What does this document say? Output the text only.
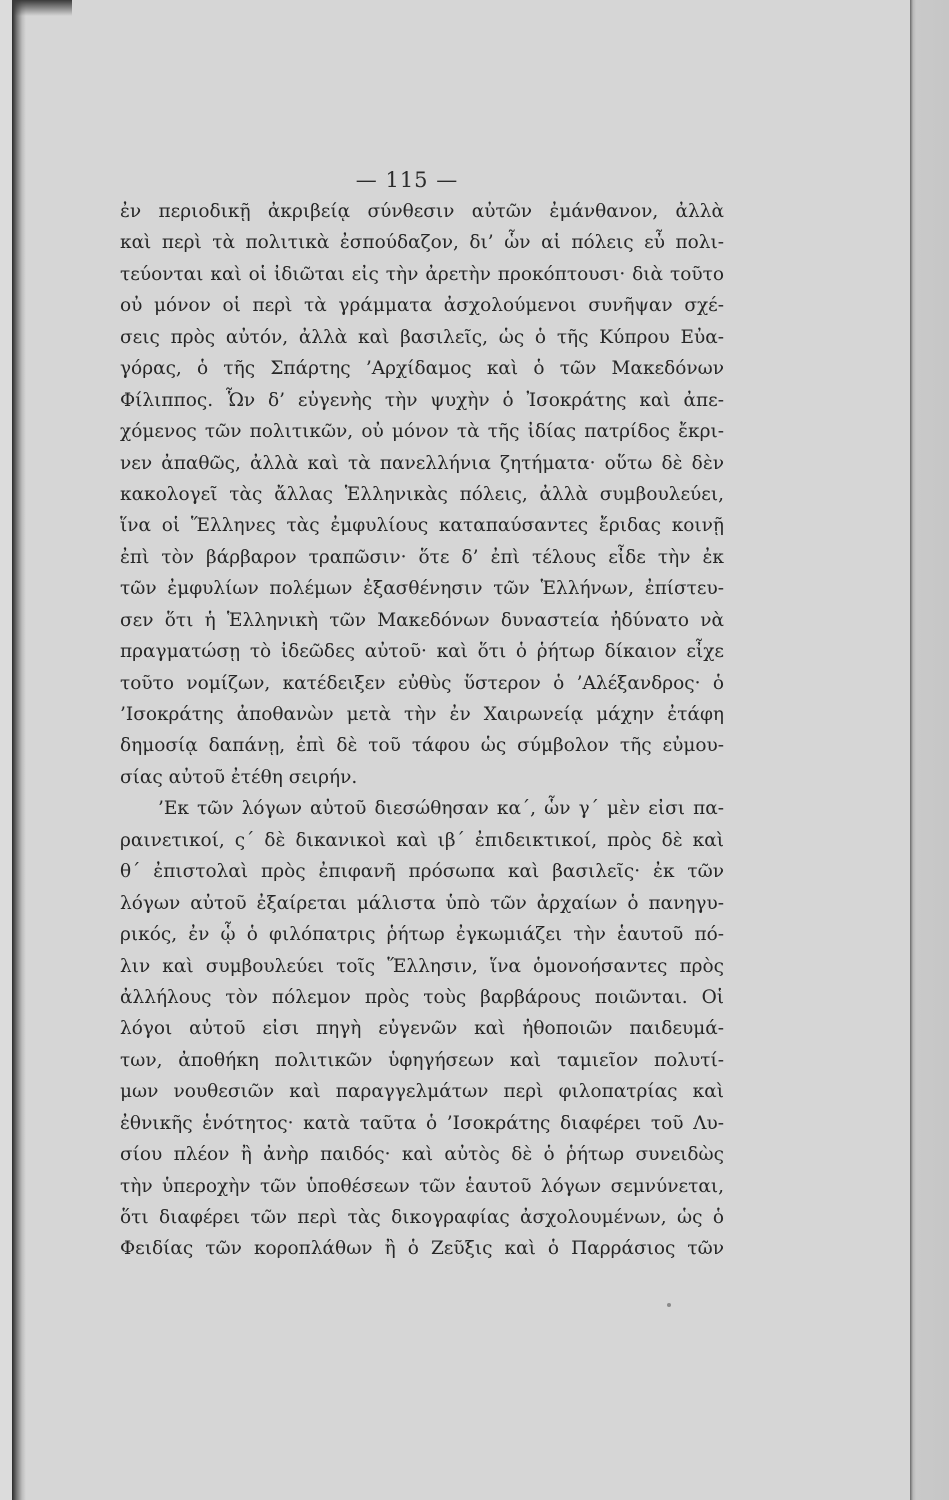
— 115 —
ἐν περιοδικῇ ἀκριβείᾳ σύνθεσιν αὐτῶν ἐμάνθανον, ἀλλὰ
καὶ περὶ τὰ πολιτικὰ ἐσπούδαζον, δι’ ὧν αἱ πόλεις εὖ πολι-
τεύονται καὶ οἱ ἰδιῶται εἰς τὴν ἀρετὴν προκόπτουσι· διὰ τοῦτο
οὐ μόνον οἱ περὶ τὰ γράμματα ἀσχολούμενοι συνῆψαν σχέ-
σεις πρὸς αὐτόν, ἀλλὰ καὶ βασιλεῖς, ὡς ὁ τῆς Κύπρου Εὐα-
γόρας, ὁ τῆς Σπάρτης ’Αρχίδαμος καὶ ὁ τῶν Μακεδόνων
Φίλιππος. Ὧν δ’ εὐγενὴς τὴν ψυχὴν ὁ Ἰσοκράτης καὶ ἀπε-
χόμενος τῶν πολιτικῶν, οὐ μόνον τὰ τῆς ἰδίας πατρίδος ἔκρι-
νεν ἀπαθῶς, ἀλλὰ καὶ τὰ πανελλήνια ζητήματα· οὕτω δὲ δὲν
κακολογεῖ τὰς ἄλλας Ἑλληνικὰς πόλεις, ἀλλὰ συμβουλεύει,
ἵνα οἱ Ἕλληνες τὰς ἐμφυλίους καταπαύσαντες ἔριδας κοινῇ
ἐπὶ τὸν βάρβαρον τραπῶσιν· ὅτε δ’ ἐπὶ τέλους εἶδε τὴν ἐκ
τῶν ἐμφυλίων πολέμων ἐξασθένησιν τῶν Ἑλλήνων, ἐπίστευ-
σεν ὅτι ἡ Ἑλληνικὴ τῶν Μακεδόνων δυναστεία ἠδύνατο νὰ
πραγματώσῃ τὸ ἰδεῶδες αὐτοῦ· καὶ ὅτι ὁ ῥήτωρ δίκαιον εἶχε
τοῦτο νομίζων, κατέδειξεν εὐθὺς ὕστερον ὁ ’Αλέξανδρος· ὁ
’Ισοκράτης ἀποθανὼν μετὰ τὴν ἐν Χαιρωνείᾳ μάχην ἐτάφη
δημοσίᾳ δαπάνῃ, ἐπὶ δὲ τοῦ τάφου ὡς σύμβολον τῆς εὐμου-
σίας αὐτοῦ ἐτέθη σειρήν.
’Εκ τῶν λόγων αὐτοῦ διεσώθησαν κα΄, ὧν γ΄ μὲν εἰσι πα-
ραινετικοί, ς΄ δὲ δικανικοὶ καὶ ιβ΄ ἐπιδεικτικοί, πρὸς δὲ καὶ
θ΄ ἐπιστολαὶ πρὸς ἐπιφανῆ πρόσωπα καὶ βασιλεῖς· ἐκ τῶν
λόγων αὐτοῦ ἐξαίρεται μάλιστα ὑπὸ τῶν ἀρχαίων ὁ πανηγυ-
ρικός, ἐν ᾧ ὁ φιλόπατρις ῥήτωρ ἐγκωμιάζει τὴν ἑαυτοῦ πό-
λιν καὶ συμβουλεύει τοῖς Ἕλλησιν, ἵνα ὁμονοήσαντες πρὸς
ἀλλήλους τὸν πόλεμον πρὸς τοὺς βαρβάρους ποιῶνται. Οἱ
λόγοι αὐτοῦ εἰσι πηγὴ εὐγενῶν καὶ ἠθοποιῶν παιδευμά-
των, ἀποθήκη πολιτικῶν ὑφηγήσεων καὶ ταμιεῖον πολυτί-
μων νουθεσιῶν καὶ παραγγελμάτων περὶ φιλοπατρίας καὶ
ἐθνικῆς ἑνότητος· κατὰ ταῦτα ὁ ’Ισοκράτης διαφέρει τοῦ Λυ-
σίου πλέον ἢ ἀνὴρ παιδός· καὶ αὐτὸς δὲ ὁ ῥήτωρ συνειδὼς
τὴν ὑπεροχὴν τῶν ὑποθέσεων τῶν ἑαυτοῦ λόγων σεμνύνεται,
ὅτι διαφέρει τῶν περὶ τὰς δικογραφίας ἀσχολουμένων, ὡς ὁ
Φειδίας τῶν κοροπλάθων ἢ ὁ Ζεῦξις καὶ ὁ Παρράσιος τῶν
